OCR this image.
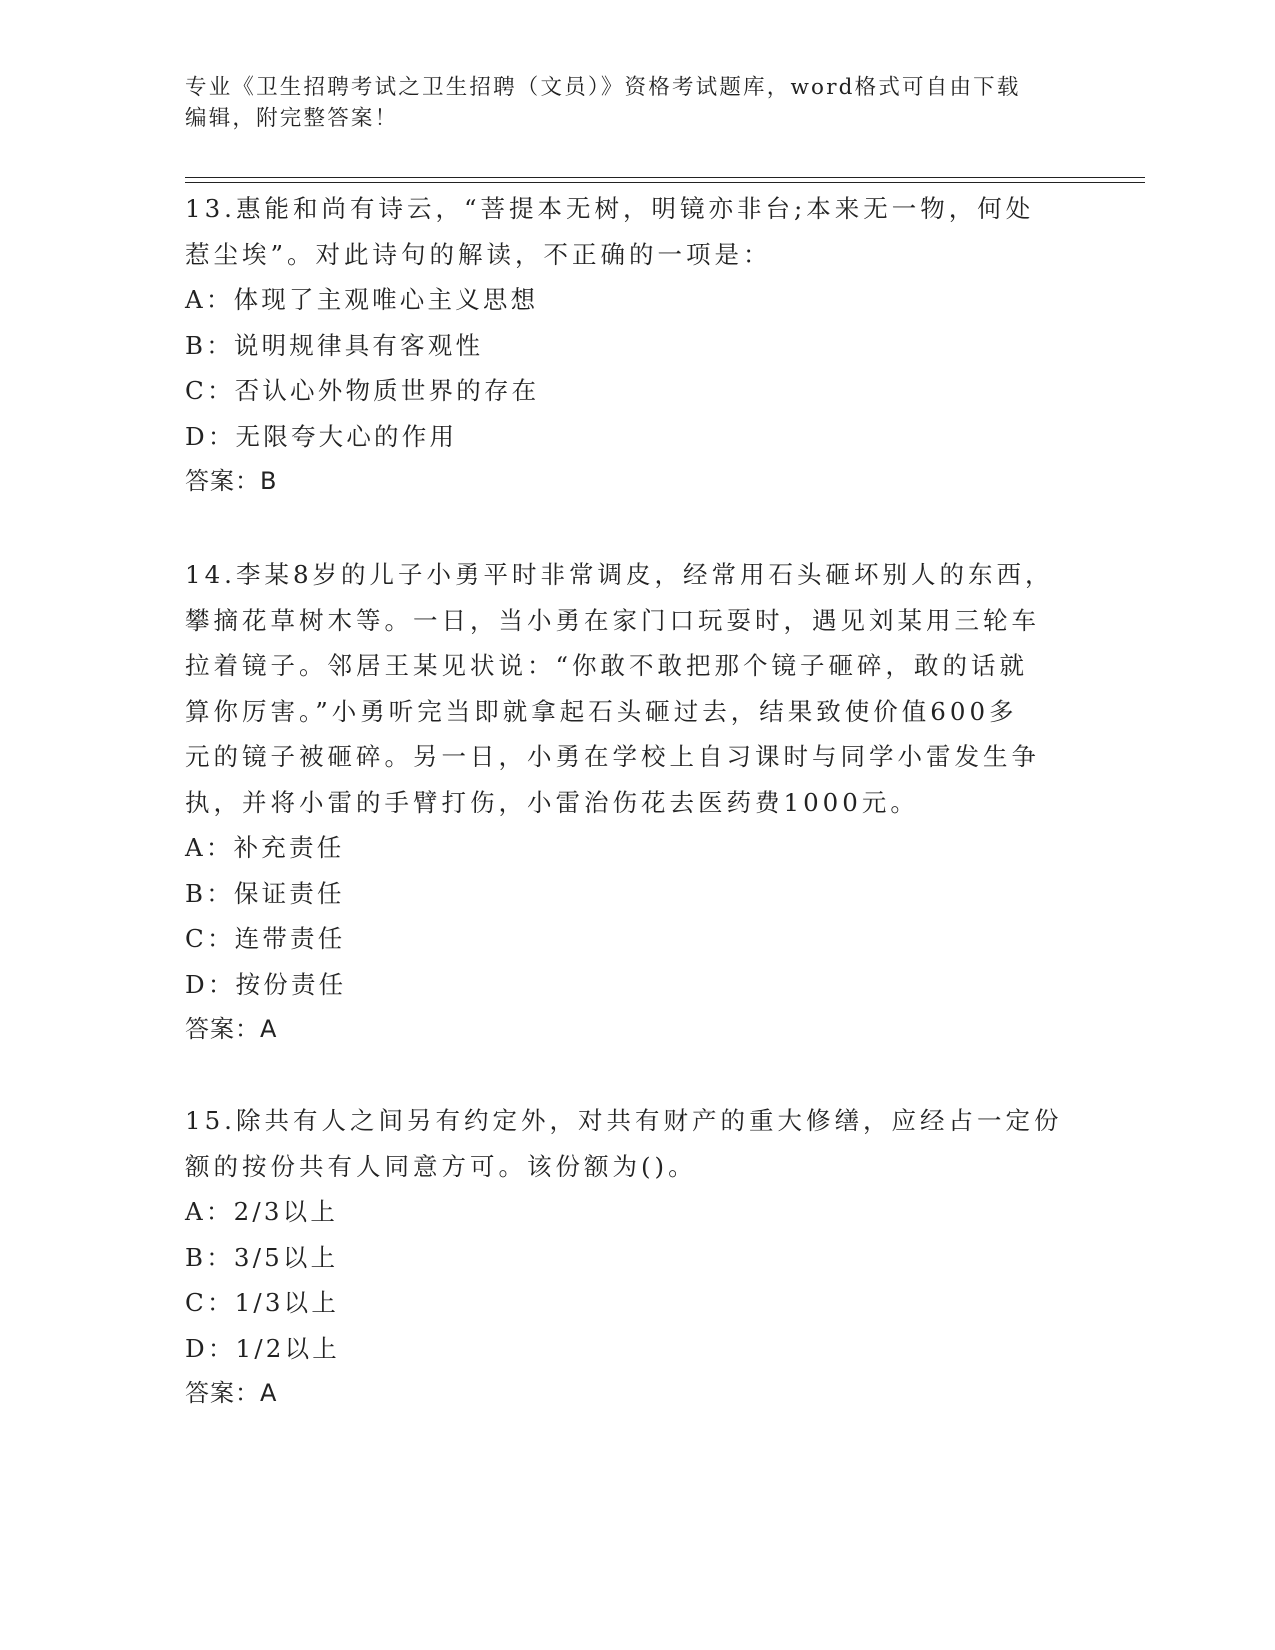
专业《卫生招聘考试之卫生招聘（文员）》资格考试题库，word格式可自由下载
编辑，附完整答案！
13.惠能和尚有诗云，“菩提本无树，明镜亦非台;本来无一物，何处
惹尘埃”。对此诗句的解读，不正确的一项是：
A：体现了主观唯心主义思想
B：说明规律具有客观性
C：否认心外物质世界的存在
D：无限夸大心的作用
答案：B
14.李某8岁的儿子小勇平时非常调皮，经常用石头砸坏别人的东西，
攀摘花草树木等。一日，当小勇在家门口玩耍时，遇见刘某用三轮车
拉着镜子。邻居王某见状说：“你敢不敢把那个镜子砸碎，敢的话就
算你厉害。”小勇听完当即就拿起石头砸过去，结果致使价值600多
元的镜子被砸碎。另一日，小勇在学校上自习课时与同学小雷发生争
执，并将小雷的手臂打伤，小雷治伤花去医药费1000元。
A：补充责任
B：保证责任
C：连带责任
D：按份责任
答案：A
15.除共有人之间另有约定外，对共有财产的重大修缮，应经占一定份
额的按份共有人同意方可。该份额为()。
A：2/3以上
B：3/5以上
C：1/3以上
D：1/2以上
答案：A
